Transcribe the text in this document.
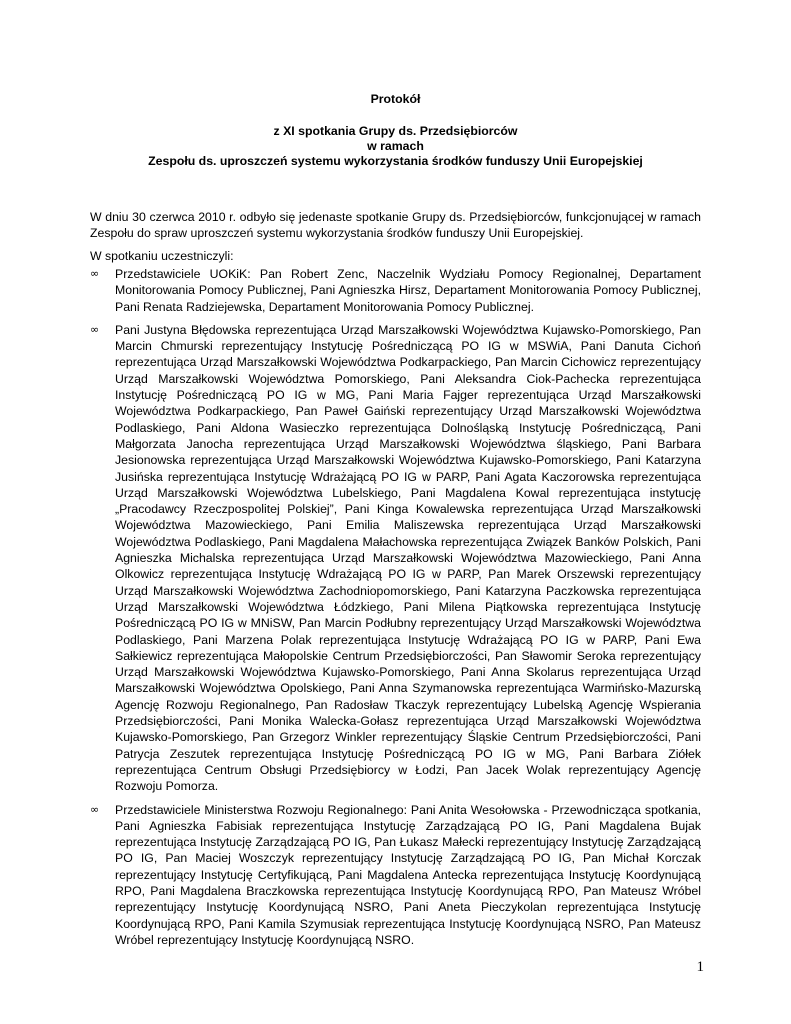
Protokół
z XI spotkania Grupy ds. Przedsiębiorców
w ramach
Zespołu ds. uproszczeń systemu wykorzystania środków funduszy Unii Europejskiej
W dniu 30 czerwca 2010 r. odbyło się jedenaste spotkanie Grupy ds. Przedsiębiorców, funkcjonującej w ramach Zespołu do spraw uproszczeń systemu wykorzystania środków funduszy Unii Europejskiej.
W spotkaniu uczestniczyli:
∞ Przedstawiciele UOKiK: Pan Robert Zenc, Naczelnik Wydziału Pomocy Regionalnej, Departament Monitorowania Pomocy Publicznej, Pani Agnieszka Hirsz, Departament Monitorowania Pomocy Publicznej, Pani Renata Radziejewska, Departament Monitorowania Pomocy Publicznej.
∞ Pani Justyna Błędowska reprezentująca Urząd Marszałkowski Województwa Kujawsko-Pomorskiego, Pan Marcin Chmurski reprezentujący Instytucję Pośredniczącą PO IG w MSWiA, Pani Danuta Cichoń reprezentująca Urząd Marszałkowski Województwa Podkarpackiego, Pan Marcin Cichowicz reprezentujący Urząd Marszałkowski Województwa Pomorskiego, Pani Aleksandra Ciok-Pachecka reprezentująca Instytucję Pośredniczącą PO IG w MG, Pani Maria Fajger reprezentująca Urząd Marszałkowski Województwa Podkarpackiego, Pan Paweł Gaiński reprezentujący Urząd Marszałkowski Województwa Podlaskiego, Pani Aldona Wasieczko reprezentująca Dolnośląską Instytucję Pośredniczącą, Pani Małgorzata Janocha reprezentująca Urząd Marszałkowski Województwa śląskiego, Pani Barbara Jesionowska reprezentująca Urząd Marszałkowski Województwa Kujawsko-Pomorskiego, Pani Katarzyna Jusińska reprezentująca Instytucję Wdrażającą PO IG w PARP, Pani Agata Kaczorowska reprezentująca Urząd Marszałkowski Województwa Lubelskiego, Pani Magdalena Kowal reprezentująca instytucję „Pracodawcy Rzeczpospolitej Polskiej”, Pani Kinga Kowalewska reprezentująca Urząd Marszałkowski Województwa Mazowieckiego, Pani Emilia Maliszewska reprezentująca Urząd Marszałkowski Województwa Podlaskiego, Pani Magdalena Małachowska reprezentująca Związek Banków Polskich, Pani Agnieszka Michalska reprezentująca Urząd Marszałkowski Województwa Mazowieckiego, Pani Anna Olkowicz reprezentująca Instytucję Wdrażającą PO IG w PARP, Pan Marek Orszewski reprezentujący Urząd Marszałkowski Województwa Zachodniopomorskiego, Pani Katarzyna Paczkowska reprezentująca Urząd Marszałkowski Województwa Łódzkiego, Pani Milena Piątkowska reprezentująca Instytucję Pośredniczącą PO IG w MNiSW, Pan Marcin Podłubny reprezentujący Urząd Marszałkowski Województwa Podlaskiego, Pani Marzena Polak reprezentująca Instytucję Wdrażającą PO IG w PARP, Pani Ewa Sałkiewicz reprezentująca Małopolskie Centrum Przedsiębiorczości, Pan Sławomir Seroka reprezentujący Urząd Marszałkowski Województwa Kujawsko-Pomorskiego, Pani Anna Skolarus reprezentująca Urząd Marszałkowski Województwa Opolskiego, Pani Anna Szymanowska reprezentująca Warmińsko-Mazurską Agencję Rozwoju Regionalnego, Pan Radosław Tkaczyk reprezentujący Lubelską Agencję Wspierania Przedsiębiorczości, Pani Monika Walecka-Gołasz reprezentująca Urząd Marszałkowski Województwa Kujawsko-Pomorskiego, Pan Grzegorz Winkler reprezentujący Śląskie Centrum Przedsiębiorczości, Pani Patrycja Zeszutek reprezentująca Instytucję Pośredniczącą PO IG w MG, Pani Barbara Ziółek reprezentująca Centrum Obsługi Przedsiębiorcy w Łodzi, Pan Jacek Wolak reprezentujący Agencję Rozwoju Pomorza.
∞ Przedstawiciele Ministerstwa Rozwoju Regionalnego: Pani Anita Wesołowska - Przewodnicząca spotkania, Pani Agnieszka Fabisiak reprezentująca Instytucję Zarządzającą PO IG, Pani Magdalena Bujak reprezentująca Instytucję Zarządzającą PO IG, Pan Łukasz Małecki reprezentujący Instytucję Zarządzającą PO IG, Pan Maciej Woszczyk reprezentujący Instytucję Zarządzającą PO IG, Pan Michał Korczak reprezentujący Instytucję Certyfikującą, Pani Magdalena Antecka reprezentująca Instytucję Koordynującą RPO, Pani Magdalena Braczkowska reprezentująca Instytucję Koordynującą RPO, Pan Mateusz Wróbel reprezentujący Instytucję Koordynującą NSRO, Pani Aneta Pieczykolan reprezentująca Instytucję Koordynującą RPO, Pani Kamila Szymusiak reprezentująca Instytucję Koordynującą NSRO, Pan Mateusz Wróbel reprezentujący Instytucję Koordynującą NSRO.
1
